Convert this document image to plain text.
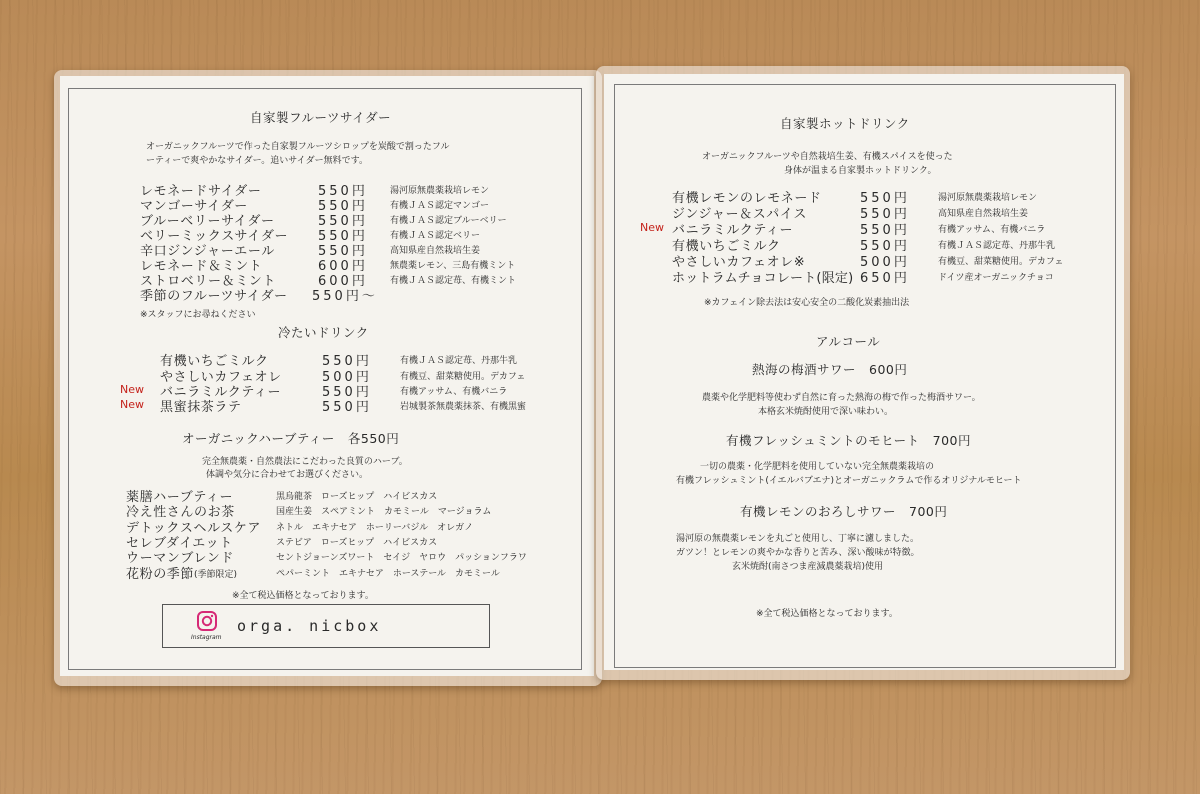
自家製フルーツサイダー
オーガニックフルーツで作った自家製フルーツシロップを炭酸で割ったフル
ーティーで爽やかなサイダー。追いサイダー無料です。
レモネードサイダー	550円 湯河原無農薬栽培レモン
マンゴーサイダー	550円 有機ＪＡＳ認定マンゴー
ブルーベリーサイダー	550円 有機ＪＡＳ認定ブルーベリー
ベリーミックスサイダー 550円 有機ＪＡＳ認定ベリー
辛口ジンジャーエール	550円 高知県産自然栽培生姜
レモネード＆ミント	600円 無農薬レモン、三島有機ミント
ストロベリー＆ミント	600円 有機ＪＡＳ認定苺、有機ミント
季節のフルーツサイダー 550円〜
※スタッフにお尋ねください
冷たいドリンク
有機いちごミルク	550円	有機ＪＡＳ認定苺、丹那牛乳
やさしいカフェオレ	500円	有機豆、甜菜糖使用。デカフェ
New バニラミルクティー	550円	有機アッサム、有機バニラ
New 黒蜜抹茶ラテ	550円	岩城製茶無農薬抹茶、有機黒蜜
オーガニックハーブティー　各550円
完全無農薬・自然農法にこだわった良質のハーブ。
体調や気分に合わせてお選びください。
薬膳ハーブティー	黒烏龍茶　ローズヒップ　ハイビスカス
冷え性さんのお茶	国産生姜　スペアミント　カモミール　マージョラム
デトックスヘルスケア ネトル　エキナセア　ホーリーバジル　オレガノ
セレブダイエット	ステビア　ローズヒップ　ハイビスカス
ウーマンブレンド	セントジョーンズワート　セイジ　ヤロウ　パッションフラワ
花粉の季節 (季節限定)	ペパーミント　エキナセア　ホーステール　カモミール
※全て税込価格となっております。
Instagram
orga. nicbox
自家製ホットドリンク
オーガニックフルーツや自然栽培生姜、有機スパイスを使った
身体が温まる自家製ホットドリンク。
有機レモンのレモネード	550円	湯河原無農薬栽培レモン
ジンジャー＆スパイス	550円	高知県産自然栽培生姜
New バニラミルクティー	550円	有機アッサム、有機バニラ
有機いちごミルク	550円	有機ＪＡＳ認定苺、丹那牛乳
やさしいカフェオレ※	500円	有機豆、甜菜糖使用。デカフェ
ホットラムチョコレート(限定) 650円	ドイツ産オーガニックチョコ
※カフェイン除去法は安心安全の二酸化炭素抽出法
アルコール
熱海の梅酒サワー　600円
農薬や化学肥料等使わず自然に育った熱海の梅で作った梅酒サワー。
本格玄米焼酎使用で深い味わい。
有機フレッシュミントのモヒート　700円
一切の農薬・化学肥料を使用していない完全無農薬栽培の
有機フレッシュミント(イエルバブエナ)とオーガニックラムで作るオリジナルモヒート
有機レモンのおろしサワー　700円
湯河原の無農薬レモンを丸ごと使用し、丁寧に濾しました。
ガツン！とレモンの爽やかな香りと苦み、深い酸味が特徴。
玄米焼酎(南さつま産減農薬栽培)使用
※全て税込価格となっております。
